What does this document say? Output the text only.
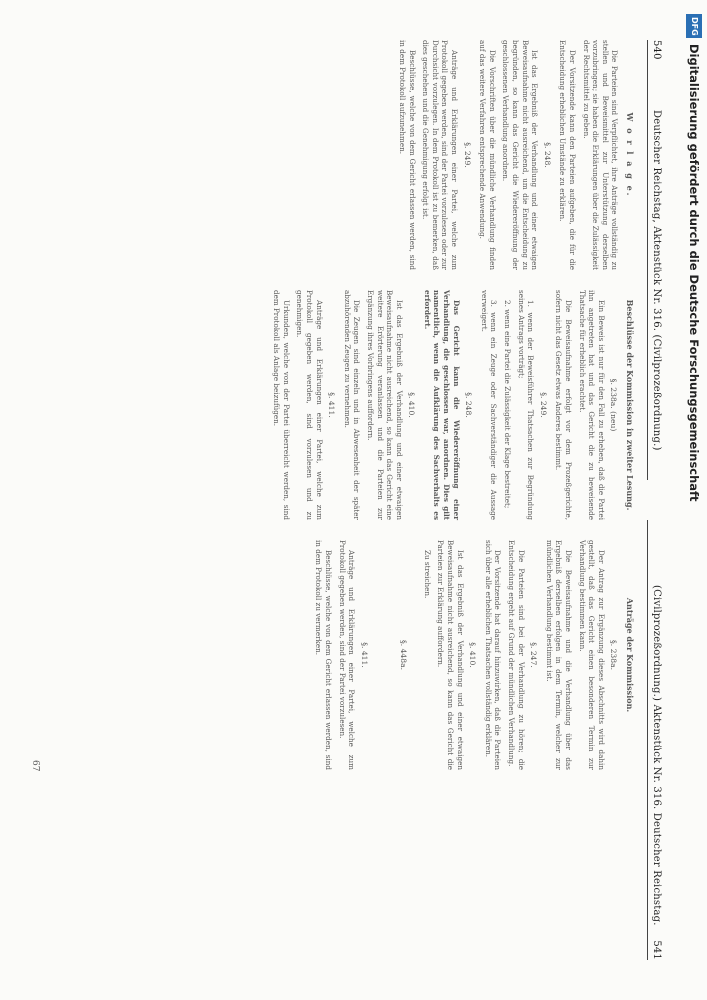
540
Deutscher Reichstag, Aktenstück Nr. 316. (Civilprozeßordnung.)
(Civilprozeßordnung.) Aktenstück Nr. 316. Deutscher Reichstag.
541
W o r l a g e.

Die Parteien sind Verpflichtet, ihre Anträge vollständig zu stellen und Beweismittel zur Unterstützung derselben vorzubringen; sie haben die Erklärungen über die Zulässigkeit der Rechtsmittel zu geben.

Der Vorsitzende kann den Parteien aufgeben, die für die Entscheidung erheblichen Umstände zu erklären.

§. 248.

Ist das Ergebniß der Verhandlung und einer etwaigen Beweisaufnahme nicht ausreichend, um die Entscheidung zu begründen, so kann das Gericht die Wiedereröffnung der geschlossenen Verhandlung anordnen.

Die Vorschriften über die mündliche Verhandlung finden auf das weitere Verfahren entsprechende Anwendung.

§. 249.

Anträge und Erklärungen einer Partei, welche zum Protokoll gegeben werden, sind der Partei vorzulesen oder zur Durchsicht vorzulegen. In dem Protokoll ist zu bemerken, daß dies geschehen und die Genehmigung erfolgt ist.

Beschlüsse, welche von dem Gericht erlassen werden, sind in dem Protokoll aufzunehmen.

Beschlüsse der Kommission in zweiter Lesung.
§. 238a. (neu)

Ein Beweis ist nur für den Fall zu erheben, daß die Partei ihn angetreten hat und das Gericht die zu beweisende Thatsache für erheblich erachtet.

Die Beweisaufnahme erfolgt vor dem Prozeßgerichte, sofern nicht das Gesetz etwas Anderes bestimmt.

§. 249.

1. wenn der Beweisführer Thatsachen zur Begründung seines Antrags vorträgt;

2. wenn eine Partei die Zulässigkeit der Klage bestreitet;

3. wenn ein Zeuge oder Sachverständiger die Aussage verweigert.

§. 248.

Das Gericht kann die Wiedereröffnung einer Verhandlung, die geschlossen war, anordnen. Dies gilt namentlich, wenn die Aufklärung des Sachverhalts es erfordert.

§. 410.

Ist das Ergebniß der Verhandlung und einer etwaigen Beweisaufnahme nicht ausreichend, so kann das Gericht eine weitere Erörterung veranlassen und die Parteien zur Ergänzung ihres Vorbringens auffordern.

Die Zeugen sind einzeln und in Abwesenheit der später abzuhörenden Zeugen zu vernehmen.

§. 411.

Anträge und Erklärungen einer Partei, welche zum Protokoll gegeben werden, sind vorzulesen und zu genehmigen.

Urkunden, welche von der Partei überreicht werden, sind dem Protokoll als Anlage beizufügen.

Anträge der Kommission.
§. 238a.

Der Antrag zur Ergänzung dieses Abschnitts wird dahin gestellt, daß das Gericht einen besonderen Termin zur Verhandlung bestimmen kann.

Die Beweisaufnahme und die Verhandlung über das Ergebniß derselben erfolgen in dem Termin, welcher zur mündlichen Verhandlung bestimmt ist.

§. 247.

Die Parteien sind bei der Verhandlung zu hören; die Entscheidung ergeht auf Grund der mündlichen Verhandlung.

Der Vorsitzende hat darauf hinzuwirken, daß die Parteien sich über alle erheblichen Thatsachen vollständig erklären.

§. 410.

Ist das Ergebniß der Verhandlung und einer etwaigen Beweisaufnahme nicht ausreichend, so kann das Gericht die Parteien zur Erklärung auffordern.

Zu streichen.

§. 448a.
§. 411.

Anträge und Erklärungen einer Partei, welche zum Protokoll gegeben werden, sind der Partei vorzulesen.

Beschlüsse, welche von dem Gericht erlassen werden, sind in dem Protokoll zu vermerken.

67
DFG
Digitalisierung gefördert durch die Deutsche Forschungsgemeinschaft
